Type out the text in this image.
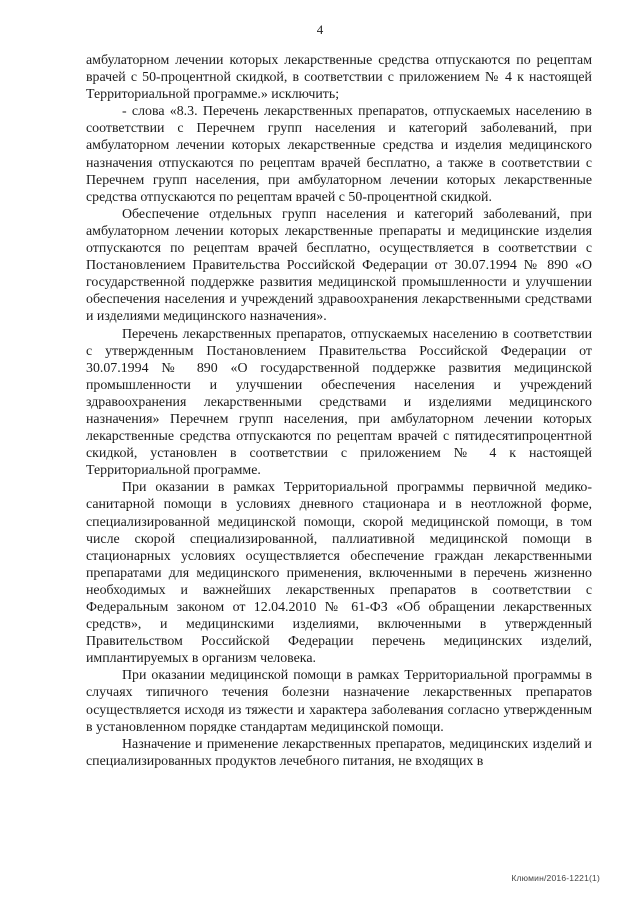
4

амбулаторном лечении которых лекарственные средства отпускаются по рецептам врачей с 50-процентной скидкой, в соответствии с приложением № 4 к настоящей Территориальной программе.» исключить;

- слова «8.3. Перечень лекарственных препаратов, отпускаемых населению в соответствии с Перечнем групп населения и категорий заболеваний, при амбулаторном лечении которых лекарственные средства и изделия медицинского назначения отпускаются по рецептам врачей бесплатно, а также в соответствии с Перечнем групп населения, при амбулаторном лечении которых лекарственные средства отпускаются по рецептам врачей с 50-процентной скидкой.

Обеспечение отдельных групп населения и категорий заболеваний, при амбулаторном лечении которых лекарственные препараты и медицинские изделия отпускаются по рецептам врачей бесплатно, осуществляется в соответствии с Постановлением Правительства Российской Федерации от 30.07.1994 № 890 «О государственной поддержке развития медицинской промышленности и улучшении обеспечения населения и учреждений здравоохранения лекарственными средствами и изделиями медицинского назначения».

Перечень лекарственных препаратов, отпускаемых населению в соответствии с утвержденным Постановлением Правительства Российской Федерации от 30.07.1994 № 890 «О государственной поддержке развития медицинской промышленности и улучшении обеспечения населения и учреждений здравоохранения лекарственными средствами и изделиями медицинского назначения» Перечнем групп населения, при амбулаторном лечении которых лекарственные средства отпускаются по рецептам врачей с пятидесятипроцентной скидкой, установлен в соответствии с приложением № 4 к настоящей Территориальной программе.

При оказании в рамках Территориальной программы первичной медико-санитарной помощи в условиях дневного стационара и в неотложной форме, специализированной медицинской помощи, скорой медицинской помощи, в том числе скорой специализированной, паллиативной медицинской помощи в стационарных условиях осуществляется обеспечение граждан лекарственными препаратами для медицинского применения, включенными в перечень жизненно необходимых и важнейших лекарственных препаратов в соответствии с Федеральным законом от 12.04.2010 № 61-ФЗ «Об обращении лекарственных средств», и медицинскими изделиями, включенными в утвержденный Правительством Российской Федерации перечень медицинских изделий, имплантируемых в организм человека.

При оказании медицинской помощи в рамках Территориальной программы в случаях типичного течения болезни назначение лекарственных препаратов осуществляется исходя из тяжести и характера заболевания согласно утвержденным в установленном порядке стандартам медицинской помощи.

Назначение и применение лекарственных препаратов, медицинских изделий и специализированных продуктов лечебного питания, не входящих в

Клюмин/2016-1221(1)
